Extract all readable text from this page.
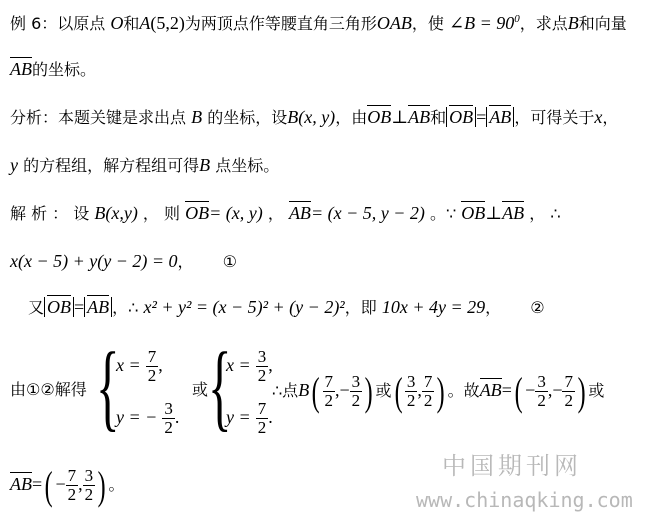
例 6：以原点 O和A(5,2)为两顶点作等腰直角三角形OAB，使 ∠B = $90^0$，求点B和向量
AB的坐标。
分析：本题关键是求出点 B 的坐标，设B(x, y)，由OB⊥AB和 OB = AB ，可得关于x，
y 的方程组，解方程组可得B 点坐标。
解 析 ： 设 B(x,y) ， 则 OB= (x, y) ， AB= (x − 5, y − 2) 。∵ OB⊥AB ， ∴
x(x − 5) + y(y − 2) = 0， ①
又 OB = AB ，∴ x² + y² = (x − 5)² + (y − 2)²，即 10x + 4y = 29， ②
由①②解得 {
$x = \frac{7}{2}$ ,
y = − $\frac{3}{2}$ .
或 {
$x = \frac{3}{2}$ ,
$y = \frac{7}{2}$ .
∴点$B( \frac{7}{2}$ ,− $\frac{3}{2}$ ) 或( $\frac{3}{2}$ , $\frac{7}{2}$ ) 。故$AB=( - \frac{3}{2}$ ,− $\frac{7}{2}$ ) 或
$AB=( - \frac{7}{2}$ , $\frac{3}{2}$ ) 。
中国期刊网
www.chinaqking.com
